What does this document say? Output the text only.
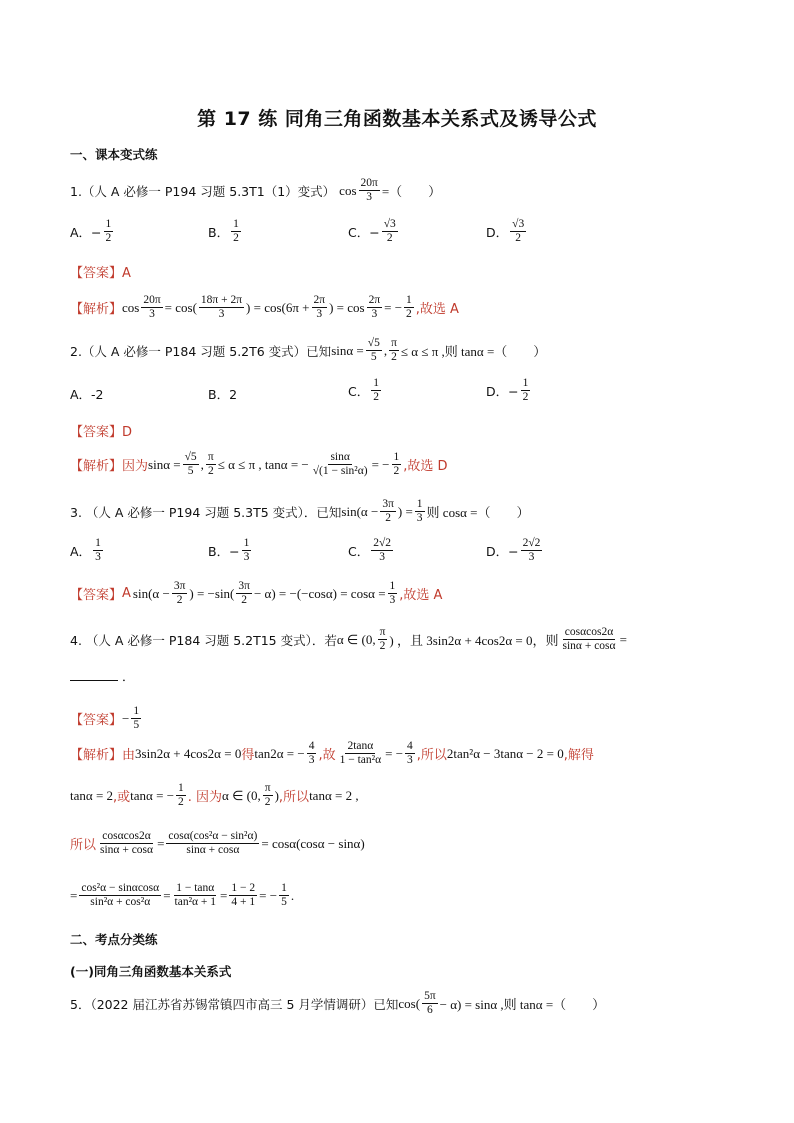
第 17 练 同角三角函数基本关系式及诱导公式
一、课本变式练
1.（人 A 必修一 P194 习题 5.3T1（1）变式） $\cos \frac{20\pi}{3}$ =（　　）
A．− $\frac{1}{2}$	B． $\frac{1}{2}$	C．− $\frac{√3}{2}$	D． $\frac{√3}{2}$
【答案】A
【解析】 $\cos \frac{20\pi}{3} = \cos( \frac{18\pi + 2\pi}{3}$ ) = $\cos(6\pi + \frac{2\pi}{3}$ ) = $\cos \frac{2\pi}{3}$ = − $\frac{1}{2}$ ,故选 A
2.（人 A 必修一 P184 习题 5.2T6 变式）已知 $\sin\alpha = \frac{√5}{5}$ , $\frac{\pi}{2} \le \alpha \le \pi$ ,则 tanα =（　　）
A．-2	B．2	C． $\frac{1}{2}$	D．− $\frac{1}{2}$
【答案】D
【解析】 因为 $\sin\alpha = \frac{√5}{5}$ , $\frac{\pi}{2} \le \alpha \le \pi$ , tanα = − $\frac{\sin\alpha}{\text{√(1 − sin²α)}}$ = − $\frac{1}{2}$ ,故选 D
3. （人 A 必修一 P194 习题 5.3T5 变式）．已知 $\sin(\alpha - \frac{3\pi}{2}$ ) = $\frac{1}{3}$ 则 cosα =（　　）
A． $\frac{1}{3}$	B．− $\frac{1}{3}$	C． $\frac{2√2}{3}$	D．− $\frac{2√2}{3}$
【答案】 A $\sin(\alpha - \frac{3\pi}{2}$ ) = $-\sin( \frac{3\pi}{2} - \alpha) = -(-\cos\alpha) = \cos\alpha = \frac{1}{3}$ ,故选 A
4. （人 A 必修一 P184 习题 5.2T15 变式）．若 α ∈ (0, $\frac{\pi}{2}$ ) ，且 3sin2α + 4cos2α = 0，则 $\frac{\cos\alpha\cos 2\alpha}{\sin\alpha + \cos\alpha}$ =
．
【答案】 − $\frac{1}{5}$
【解析】 由 3sin2α + 4cos2α = 0 得 tan2α = − $\frac{4}{3}$ ,故 $\frac{2\tan\alpha}{\text{1 − tan²α}}$ = − $\frac{4}{3}$ ,所以 2tan²α − 3tanα − 2 = 0 ,解得
tanα = 2 ,或 tanα = − $\frac{1}{2}$ . 因为 α ∈ (0, $\frac{\pi}{2}$ ) ,所以 tanα = 2 ,
所以 $\frac{\cos\alpha\cos 2\alpha}{\sin\alpha + \cos\alpha} = \frac{\text{cosα(cos²α − sin²α)}}{\sin\alpha + \cos\alpha} = \cos\alpha(\cos\alpha - \sin\alpha)$
= $\frac{\text{cos²α − sinαcosα}}{\text{sin²α + cos²α}} = \frac{1 - \tan\alpha}{\text{tan²α + 1}} = \frac{1 - 2}{4 + 1}$ = − $\frac{1}{5}$ .
二、考点分类练
(一)同角三角函数基本关系式
5．（2022 届江苏省苏锡常镇四市高三 5 月学情调研）已知 $\cos( \frac{5\pi}{6} - \alpha) = \sin\alpha$ ,则 tanα =（　　）
